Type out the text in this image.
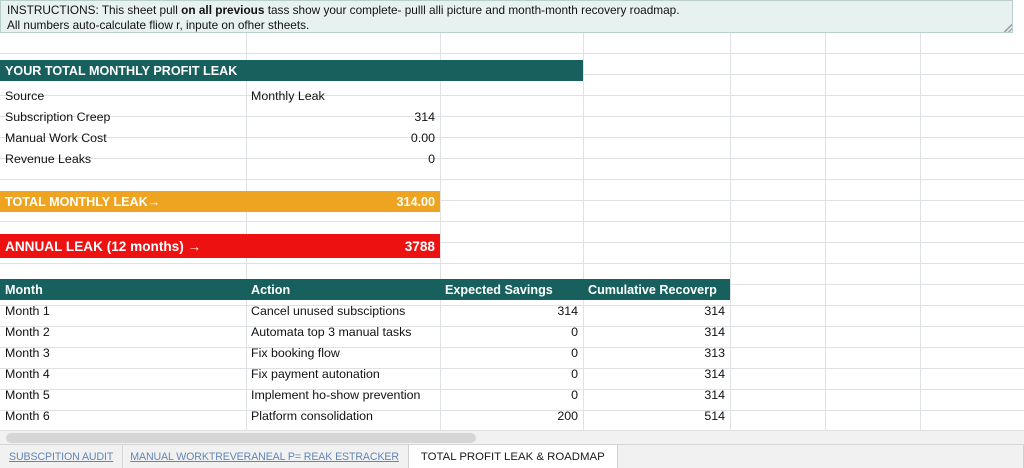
INSTRUCTIONS: This sheet pull on all previous tass show your complete- pulll alli picture and month-month recovery roadmap.
All numbers auto-calculate fliow r, inpute on ofher stheets.
YOUR TOTAL MONTHLY PROFIT LEAK
Source	Monthly Leak
Subscription Creep	314
Manual Work Cost	0.00
Revenue Leaks	0
TOTAL MONTHLY LEAK→	314.00
ANNUAL LEAK (12 months) →	3788
Month	Action	Expected Savings	Cumulative Recoverp
Month 1	Cancel unused subsciptions	314	314
Month 2	Automata top 3 manual tasks	0	314
Month 3	Fix booking flow	0	313
Month 4	Fix payment autonation	0	314
Month 5	Implement ho-show prevention	0	314
Month 6	Platform consolidation	200	514
SUBSCPITION AUDIT	MANUAL WORKTREVERANEAL P= REAK ESTRACKER	TOTAL PROFIT LEAK & ROADMAP
